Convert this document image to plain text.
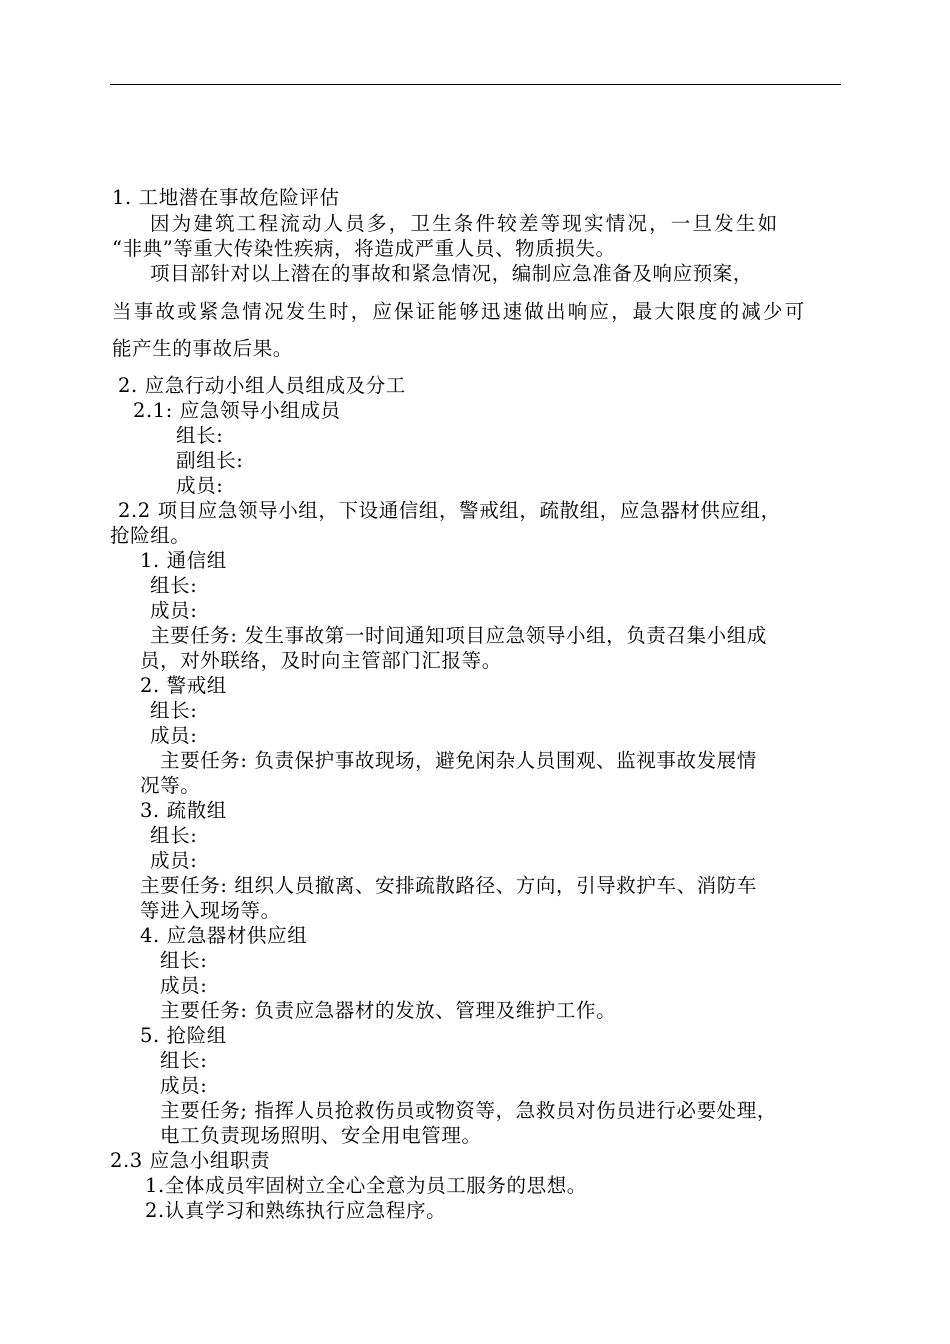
1. 工地潜在事故危险评估
因为建筑工程流动人员多，卫生条件较差等现实情况，一旦发生如
“非典”等重大传染性疾病，将造成严重人员、物质损失。
项目部针对以上潜在的事故和紧急情况，编制应急准备及响应预案，
当事故或紧急情况发生时，应保证能够迅速做出响应，最大限度的减少可
能产生的事故后果。
2. 应急行动小组人员组成及分工
2.1: 应急领导小组成员
组长:
副组长:
成员:
2.2 项目应急领导小组，下设通信组，警戒组，疏散组，应急器材供应组，
抢险组。
1. 通信组
组长:
成员:
主要任务: 发生事故第一时间通知项目应急领导小组，负责召集小组成
员，对外联络，及时向主管部门汇报等。
2. 警戒组
组长:
成员:
主要任务: 负责保护事故现场，避免闲杂人员围观、监视事故发展情
况等。
3. 疏散组
组长:
成员:
主要任务: 组织人员撤离、安排疏散路径、方向，引导救护车、消防车
等进入现场等。
4. 应急器材供应组
组长:
成员:
主要任务: 负责应急器材的发放、管理及维护工作。
5. 抢险组
组长:
成员:
主要任务; 指挥人员抢救伤员或物资等，急救员对伤员进行必要处理，
电工负责现场照明、安全用电管理。
2.3 应急小组职责
1.全体成员牢固树立全心全意为员工服务的思想。
2.认真学习和熟练执行应急程序。
